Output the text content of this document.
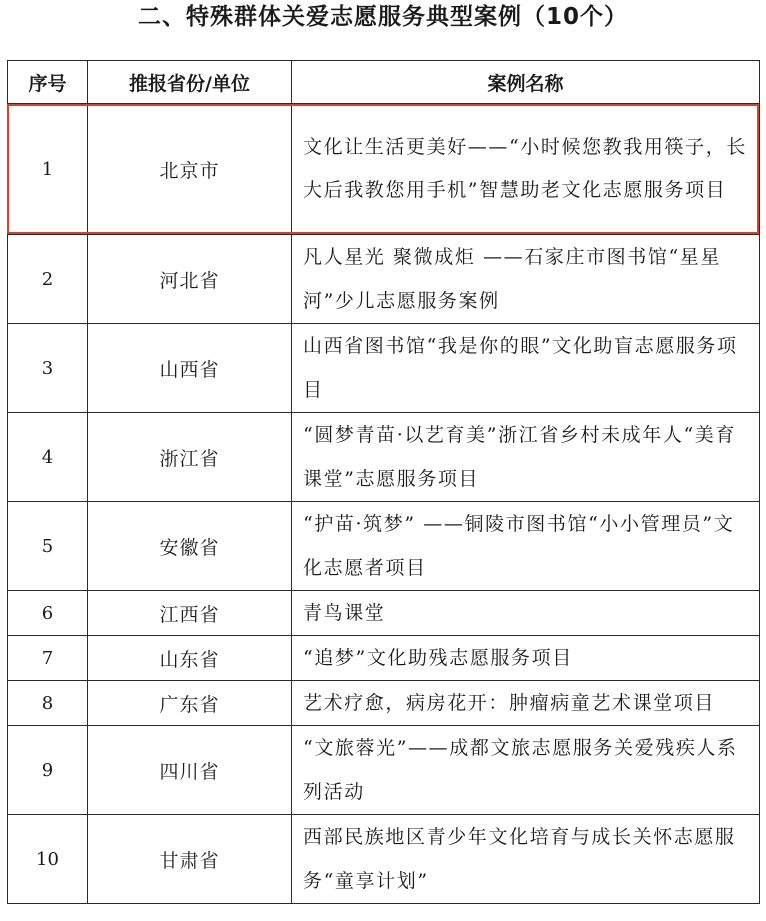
二、特殊群体关爱志愿服务典型案例（10个）
序号	推报省份/单位	案例名称
1	北京市	文化让生活更美好——“小时候您教我用筷子，长大后我教您用手机”智慧助老文化志愿服务项目
2	河北省	凡人星光 聚微成炬 ——石家庄市图书馆“星星河”少儿志愿服务案例
3	山西省	山西省图书馆“我是你的眼”文化助盲志愿服务项目
4	浙江省	“圆梦青苗·以艺育美”浙江省乡村未成年人“美育课堂”志愿服务项目
5	安徽省	“护苗·筑梦” ——铜陵市图书馆“小小管理员”文化志愿者项目
6	江西省	青鸟课堂
7	山东省	“追梦”文化助残志愿服务项目
8	广东省	艺术疗愈，病房花开：肿瘤病童艺术课堂项目
9	四川省	“文旅蓉光”——成都文旅志愿服务关爱残疾人系列活动
10	甘肃省	西部民族地区青少年文化培育与成长关怀志愿服务“童享计划”
